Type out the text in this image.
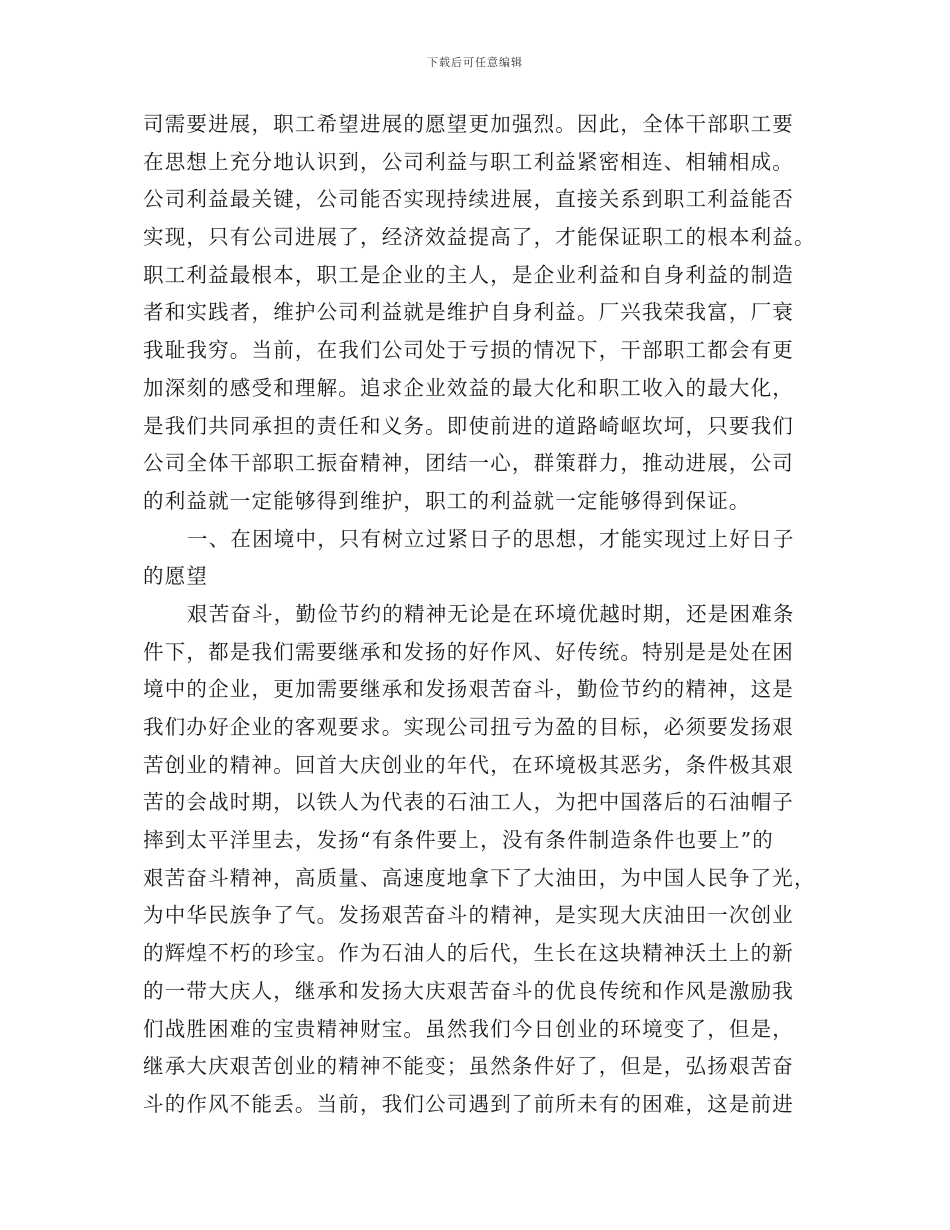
下载后可任意编辑
司需要进展，职工希望进展的愿望更加强烈。因此，全体干部职工要
在思想上充分地认识到，公司利益与职工利益紧密相连、相辅相成。
公司利益最关键，公司能否实现持续进展，直接关系到职工利益能否
实现，只有公司进展了，经济效益提高了，才能保证职工的根本利益。
职工利益最根本，职工是企业的主人，是企业利益和自身利益的制造
者和实践者，维护公司利益就是维护自身利益。厂兴我荣我富，厂衰
我耻我穷。当前，在我们公司处于亏损的情况下，干部职工都会有更
加深刻的感受和理解。追求企业效益的最大化和职工收入的最大化，
是我们共同承担的责任和义务。即使前进的道路崎岖坎坷，只要我们
公司全体干部职工振奋精神，团结一心，群策群力，推动进展，公司
的利益就一定能够得到维护，职工的利益就一定能够得到保证。
一、在困境中，只有树立过紧日子的思想，才能实现过上好日子
的愿望
艰苦奋斗，勤俭节约的精神无论是在环境优越时期，还是困难条
件下，都是我们需要继承和发扬的好作风、好传统。特别是是处在困
境中的企业，更加需要继承和发扬艰苦奋斗，勤俭节约的精神，这是
我们办好企业的客观要求。实现公司扭亏为盈的目标，必须要发扬艰
苦创业的精神。回首大庆创业的年代，在环境极其恶劣，条件极其艰
苦的会战时期，以铁人为代表的石油工人，为把中国落后的石油帽子
摔到太平洋里去，发扬“有条件要上，没有条件制造条件也要上”的
艰苦奋斗精神，高质量、高速度地拿下了大油田，为中国人民争了光，
为中华民族争了气。发扬艰苦奋斗的精神，是实现大庆油田一次创业
的辉煌不朽的珍宝。作为石油人的后代，生长在这块精神沃土上的新
的一带大庆人，继承和发扬大庆艰苦奋斗的优良传统和作风是激励我
们战胜困难的宝贵精神财宝。虽然我们今日创业的环境变了，但是，
继承大庆艰苦创业的精神不能变；虽然条件好了，但是，弘扬艰苦奋
斗的作风不能丢。当前，我们公司遇到了前所未有的困难，这是前进
